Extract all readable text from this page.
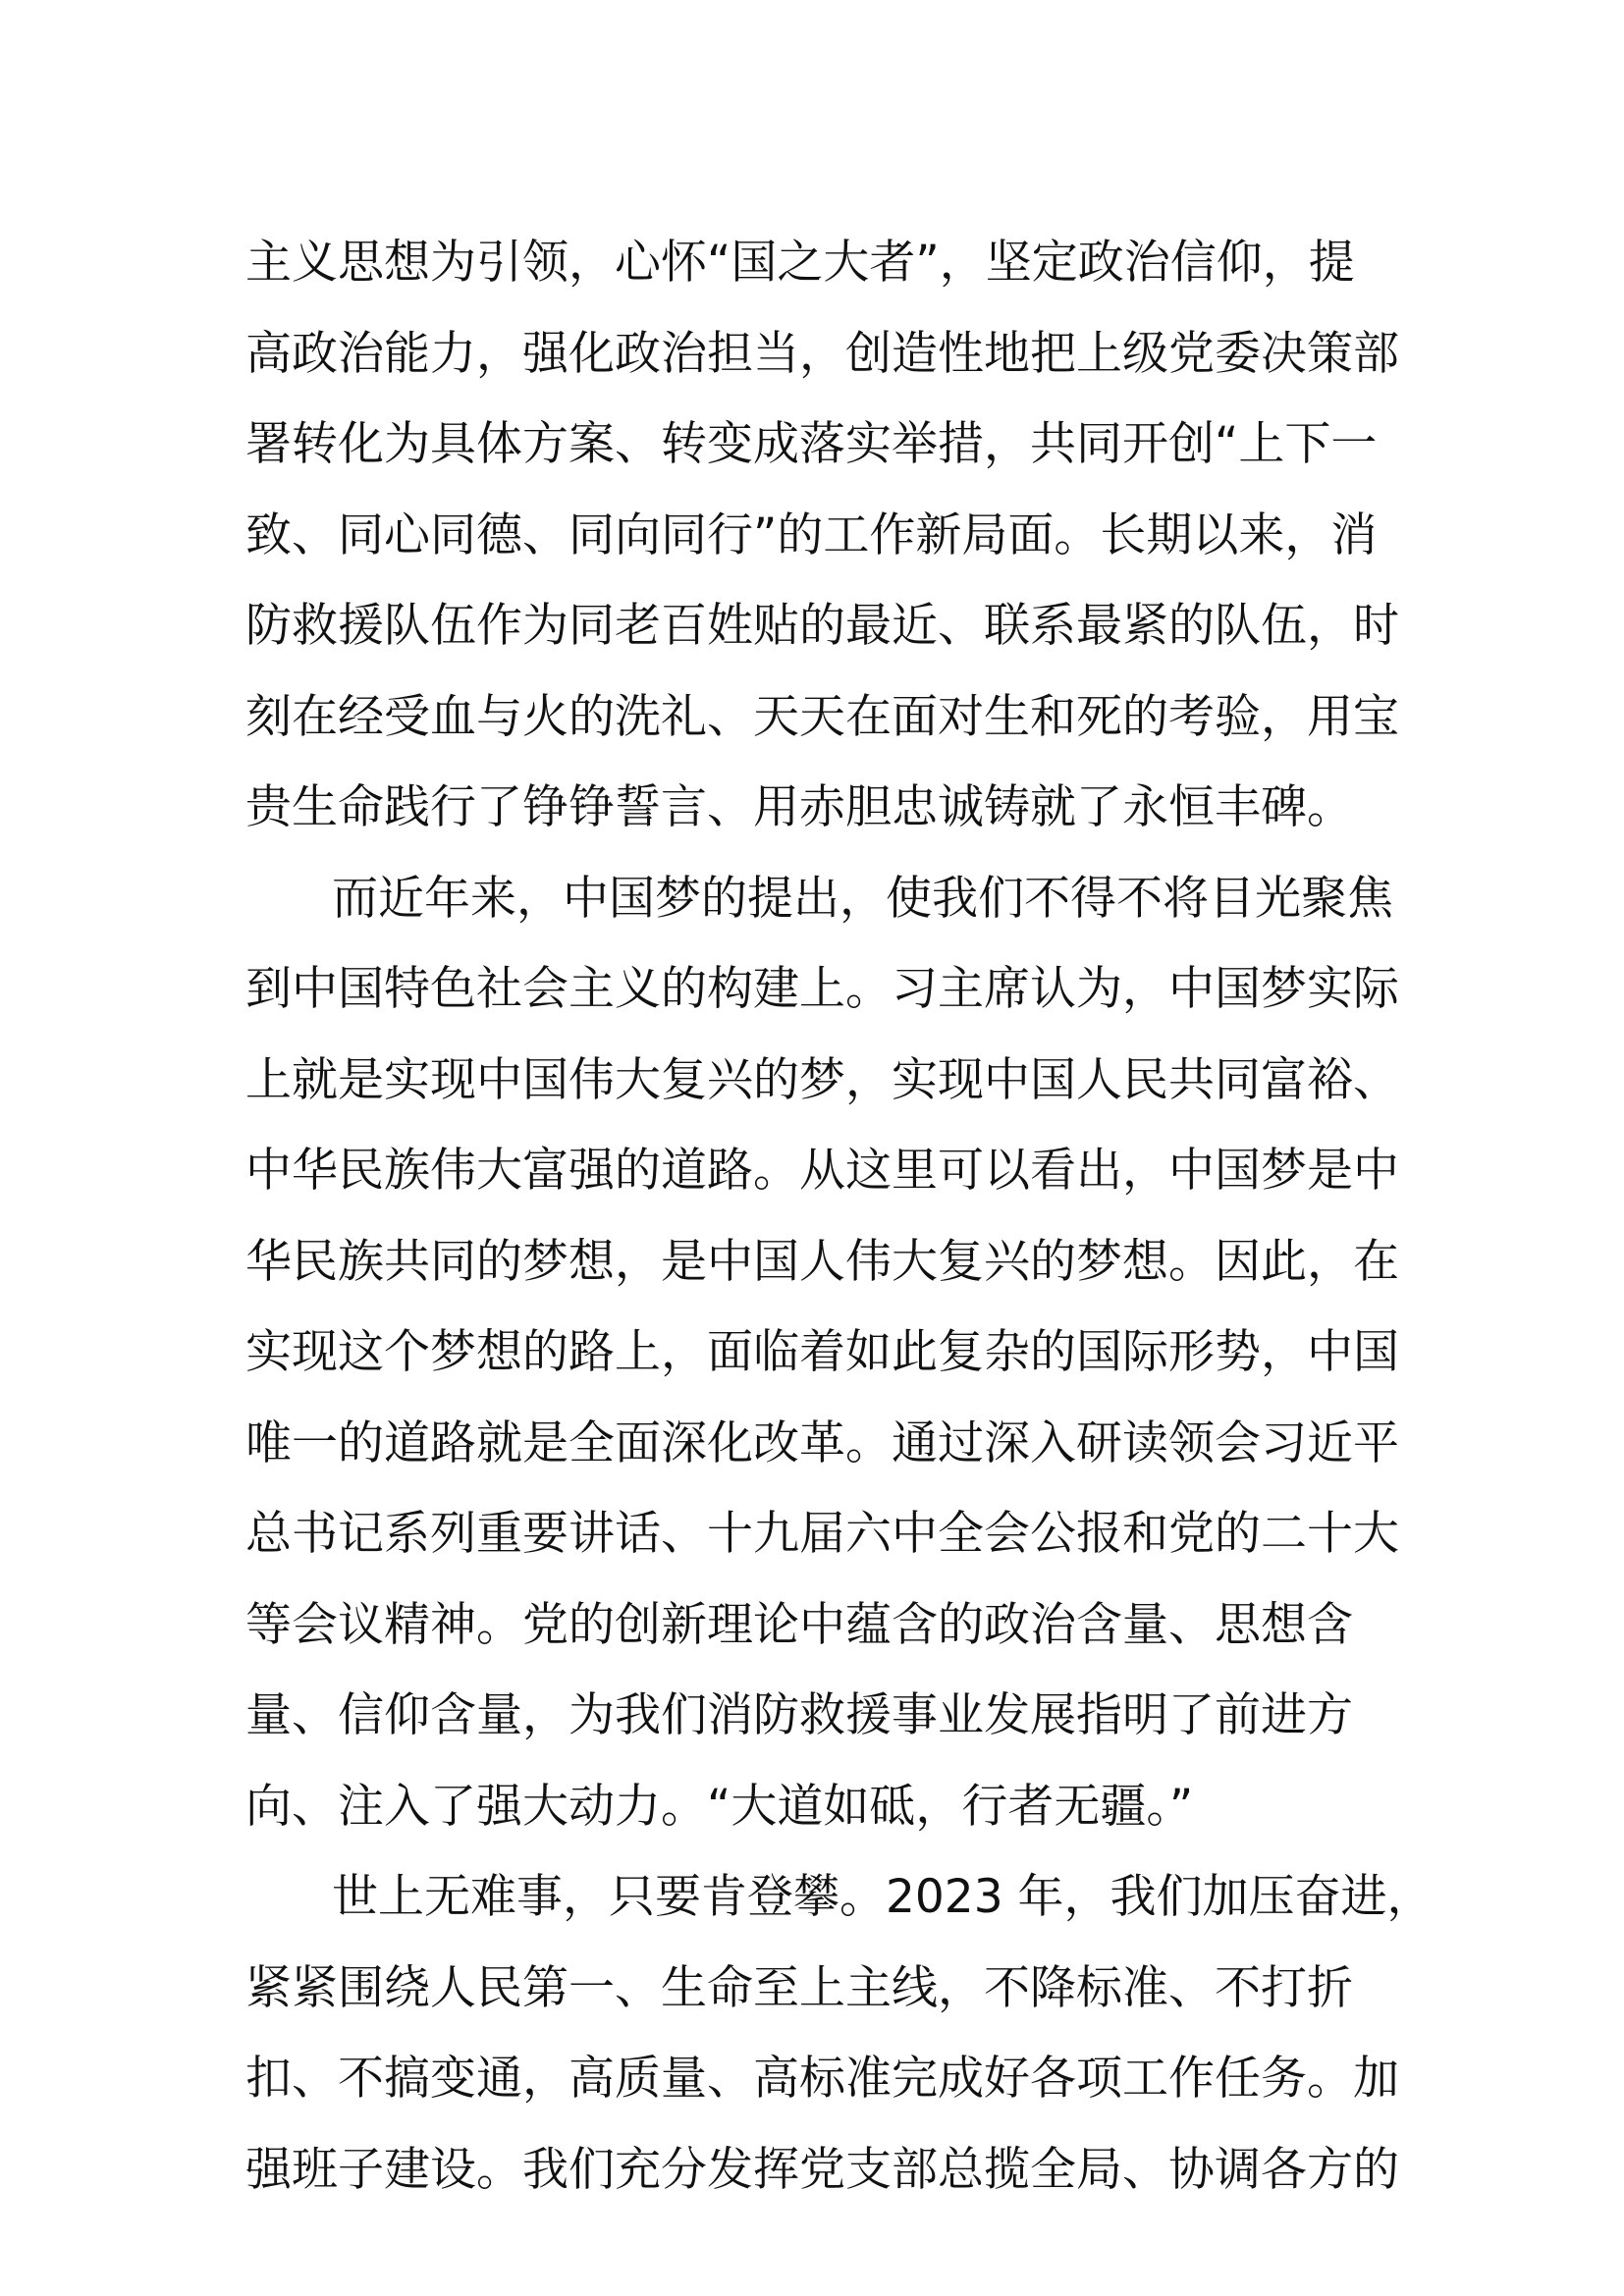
主义思想为引领，心怀“国之大者”，坚定政治信仰，提
高政治能力，强化政治担当，创造性地把上级党委决策部
署转化为具体方案、转变成落实举措，共同开创“上下一
致、同心同德、同向同行”的工作新局面。长期以来，消
防救援队伍作为同老百姓贴的最近、联系最紧的队伍，时
刻在经受血与火的洗礼、天天在面对生和死的考验，用宝
贵生命践行了铮铮誓言、用赤胆忠诚铸就了永恒丰碑。
而近年来，中国梦的提出，使我们不得不将目光聚焦
到中国特色社会主义的构建上。习主席认为，中国梦实际
上就是实现中国伟大复兴的梦，实现中国人民共同富裕、
中华民族伟大富强的道路。从这里可以看出，中国梦是中
华民族共同的梦想，是中国人伟大复兴的梦想。因此，在
实现这个梦想的路上，面临着如此复杂的国际形势，中国
唯一的道路就是全面深化改革。通过深入研读领会习近平
总书记系列重要讲话、十九届六中全会公报和党的二十大
等会议精神。党的创新理论中蕴含的政治含量、思想含
量、信仰含量，为我们消防救援事业发展指明了前进方
向、注入了强大动力。“大道如砥，行者无疆。”
世上无难事，只要肯登攀。2023 年，我们加压奋进，
紧紧围绕人民第一、生命至上主线，不降标准、不打折
扣、不搞变通，高质量、高标准完成好各项工作任务。加
强班子建设。我们充分发挥党支部总揽全局、协调各方的
